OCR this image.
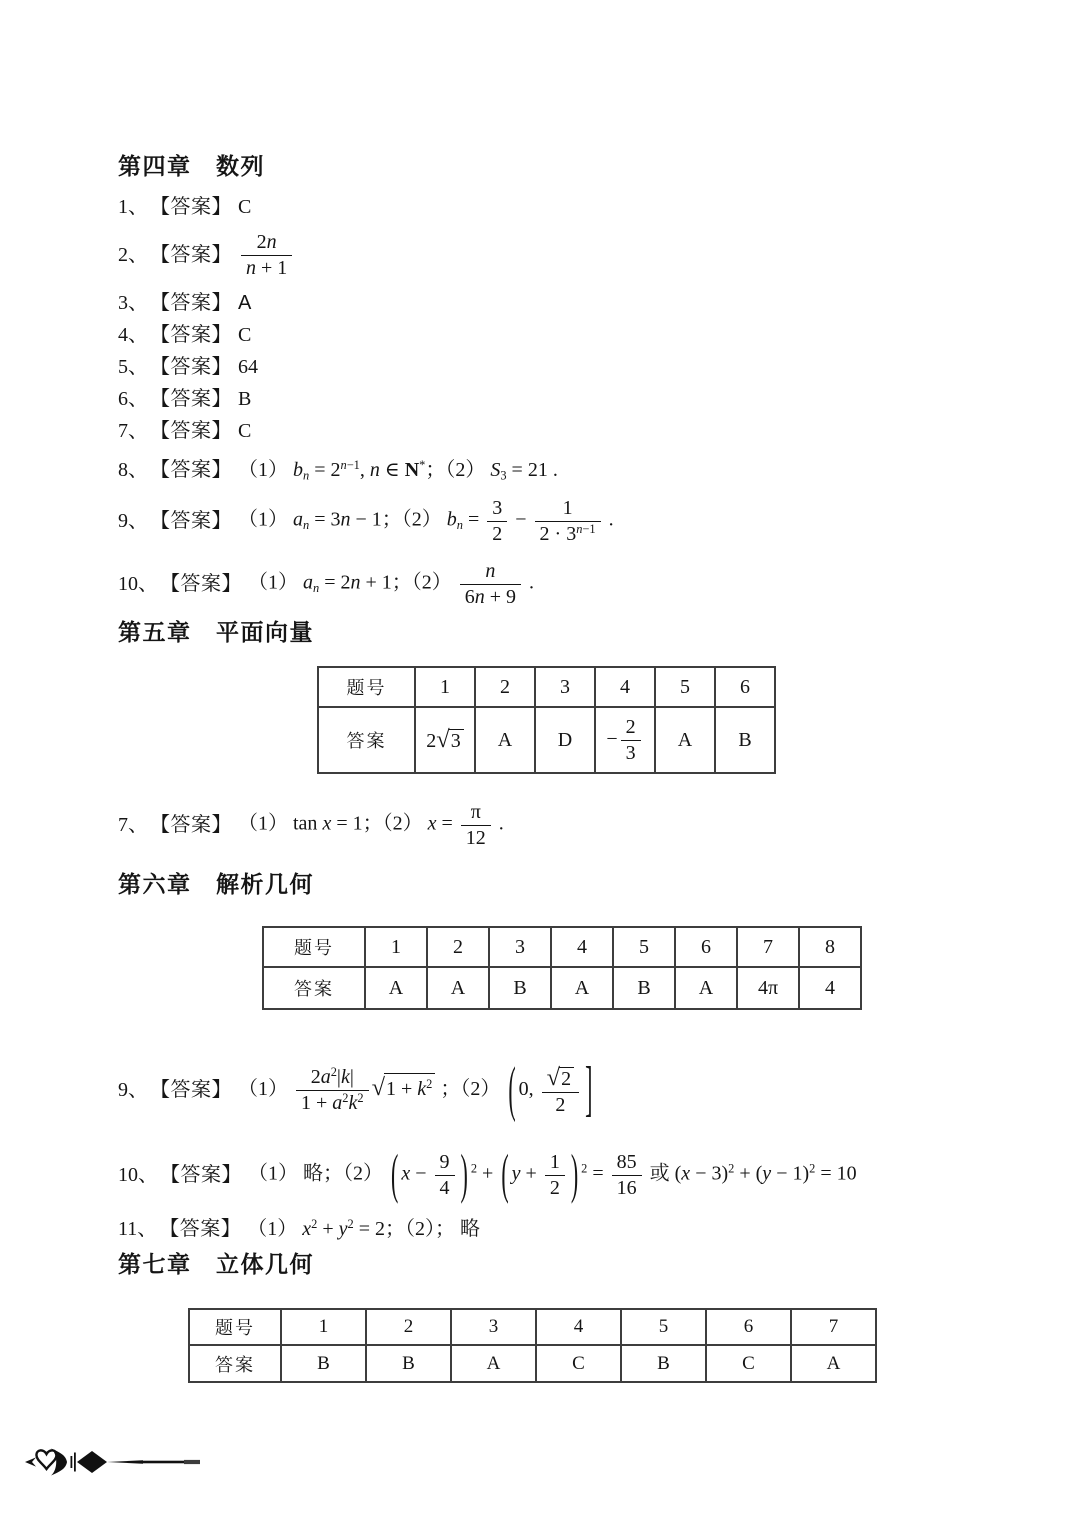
第四章　数列
1、 【答案】 C
2、 【答案】 $\frac{2n}{n + 1}$
3、 【答案】 A
4、 【答案】 C
5、 【答案】 64
6、 【答案】 B
7、 【答案】 C
8、 【答案】 （1） $b_n = 2^{n-1}$, n ∈ N*；（2） $S_3 = 21$ .
9、 【答案】 （1） $a_n = 3n - 1$；（2） $b_n = \frac{3}{2} - \frac{1}{2 \cdot 3^{n-1}}$ .
10、 【答案】 （1） $a_n = 2n + 1$；$(2) \frac{n}{6n + 9}$ .
第五章　平面向量
题号	1	2	3	4	5	6
答案	2√ 3	A	D	− $\frac{2}{3}$	A	B
7、 【答案】 （1） tan x = 1；（2） $x = \frac{\pi}{12}$ .
第六章　解析几何
题号	1	2	3	4	5	6	7	8
答案	A	A	B	A	B	A	4π	4
9、 【答案】 $(1) \frac{2a^2|k|}{1 + a^2k^2}$ √ $1 + k^2$ ；（2） ( 0, $\frac{√ 2}{2}$ ]
10、 【答案】 （1） 略；（2） ( $x - \frac{9}{4}$ ) $^2$ + ( $y + \frac{1}{2}$ ) $^2 = \frac{85}{16}$ 或 $(x - 3)^2 + (y - 1)^2 = 10$
11、 【答案】 （1） $x^2 + y^2 = 2$；（2）； 略
第七章　立体几何
题号	1	2	3	4	5	6	7
答案	B	B	A	C	B	C	A
